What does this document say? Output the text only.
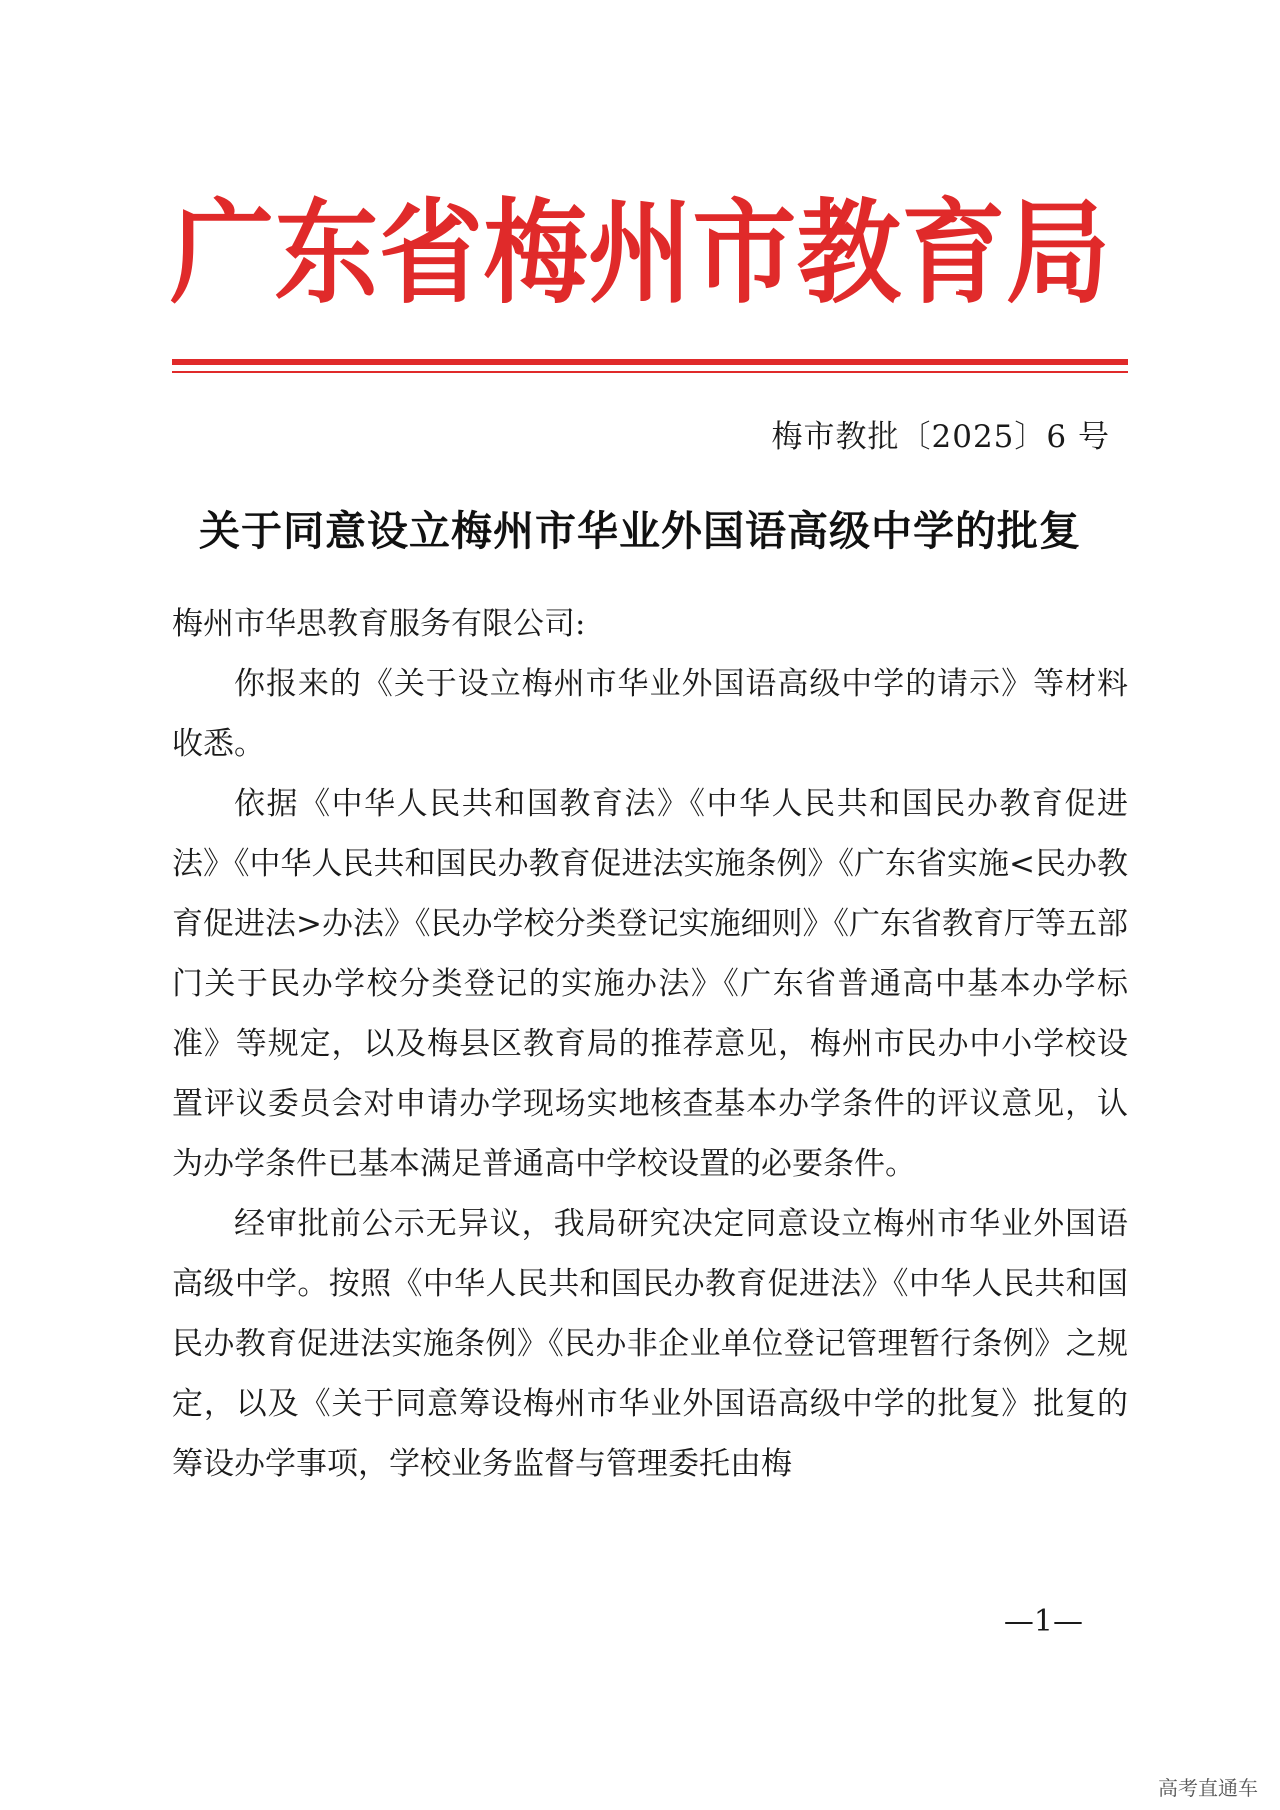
广 东 省 梅 州 市 教 育 局
梅市教批〔2025〕6 号
关于同意设立梅州市华业外国语高级中学的批复

梅州市华思教育服务有限公司:

你报来的《关于设立梅州市华业外国语高级中学的请示》等材料收悉。

依据《中华人民共和国教育法》《中华人民共和国民办教育促进法》《中华人民共和国民办教育促进法实施条例》《广东省实施<民办教育促进法>办法》《民办学校分类登记实施细则》《广东省教育厅等五部门关于民办学校分类登记的实施办法》《广东省普通高中基本办学标准》等规定，以及梅县区教育局的推荐意见，梅州市民办中小学校设置评议委员会对申请办学现场实地核查基本办学条件的评议意见，认为办学条件已基本满足普通高中学校设置的必要条件。

经审批前公示无异议，我局研究决定同意设立梅州市华业外国语高级中学。按照《中华人民共和国民办教育促进法》《中华人民共和国民办教育促进法实施条例》《民办非企业单位登记管理暂行条例》之规定，以及《关于同意筹设梅州市华业外国语高级中学的批复》批复的筹设办学事项，学校业务监督与管理委托由梅

—1—
高考直通车
